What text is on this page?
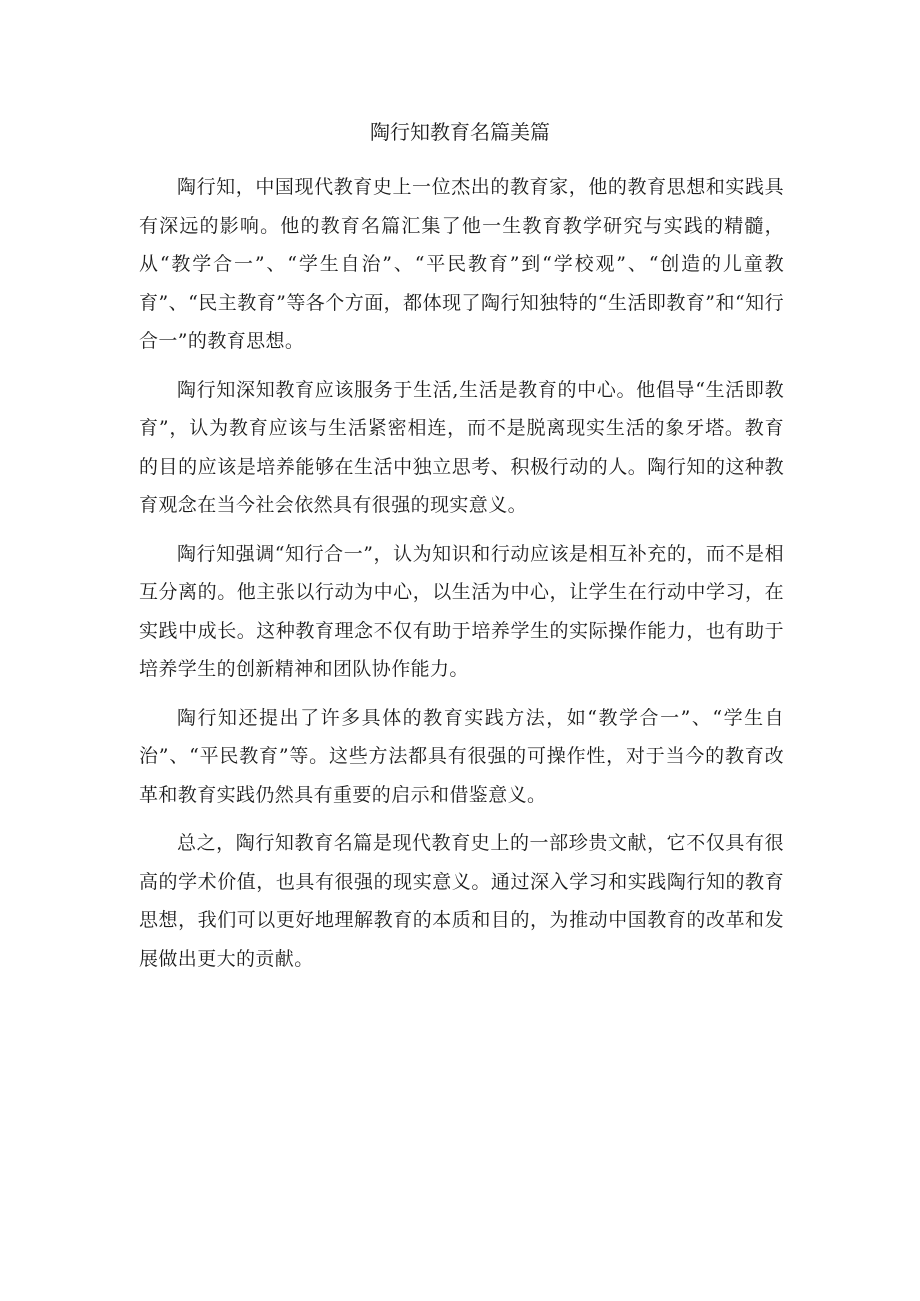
陶行知教育名篇美篇

陶行知，中国现代教育史上一位杰出的教育家，他的教育思想和实践具有深远的影响。他的教育名篇汇集了他一生教育教学研究与实践的精髓，从“教学合一”、“学生自治”、“平民教育”到“学校观”、“创造的儿童教育”、“民主教育”等各个方面，都体现了陶行知独特的“生活即教育”和“知行合一”的教育思想。

陶行知深知教育应该服务于生活,生活是教育的中心。他倡导“生活即教育”，认为教育应该与生活紧密相连，而不是脱离现实生活的象牙塔。教育的目的应该是培养能够在生活中独立思考、积极行动的人。陶行知的这种教育观念在当今社会依然具有很强的现实意义。

陶行知强调“知行合一”，认为知识和行动应该是相互补充的，而不是相互分离的。他主张以行动为中心，以生活为中心，让学生在行动中学习，在实践中成长。这种教育理念不仅有助于培养学生的实际操作能力，也有助于培养学生的创新精神和团队协作能力。

陶行知还提出了许多具体的教育实践方法，如“教学合一”、“学生自治”、“平民教育”等。这些方法都具有很强的可操作性，对于当今的教育改革和教育实践仍然具有重要的启示和借鉴意义。

总之，陶行知教育名篇是现代教育史上的一部珍贵文献，它不仅具有很高的学术价值，也具有很强的现实意义。通过深入学习和实践陶行知的教育思想，我们可以更好地理解教育的本质和目的，为推动中国教育的改革和发展做出更大的贡献。
